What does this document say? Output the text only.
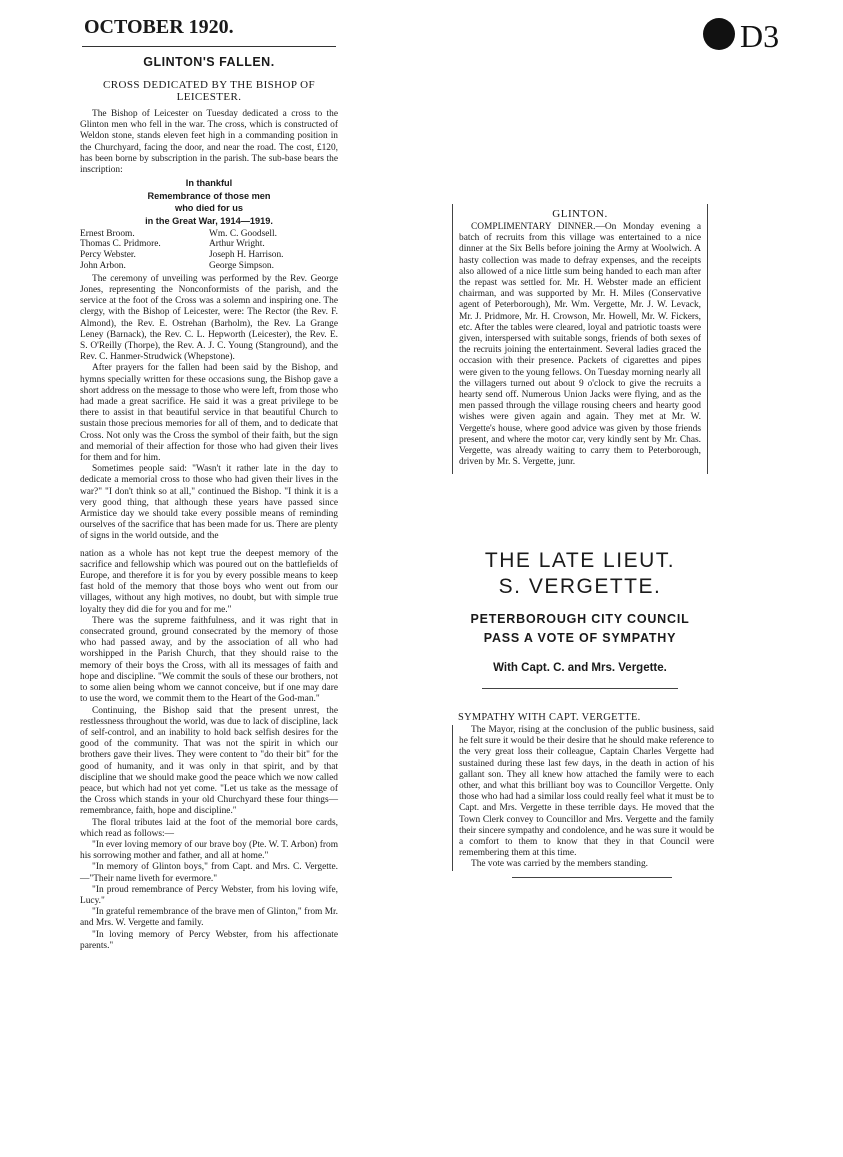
D3
OCTOBER 1920.
GLINTON'S FALLEN.
CROSS DEDICATED BY THE BISHOP OF LEICESTER.

The Bishop of Leicester on Tuesday dedicated a cross to the Glinton men who fell in the war. The cross, which is constructed of Weldon stone, stands eleven feet high in a commanding position in the Churchyard, facing the door, and near the road. The cost, £120, has been borne by subscription in the parish. The sub-base bears the inscription:

In thankful
Remembrance of those men
who died for us
in the Great War, 1914—1919.
Ernest Broom.	Wm. C. Goodsell.
Thomas C. Pridmore.	Arthur Wright.
Percy Webster.	Joseph H. Harrison.
John Arbon.	George Simpson.

The ceremony of unveiling was performed by the Rev. George Jones, representing the Nonconformists of the parish, and the service at the foot of the Cross was a solemn and inspiring one. The clergy, with the Bishop of Leicester, were: The Rector (the Rev. F. Almond), the Rev. E. Ostrehan (Barholm), the Rev. La Grange Leney (Barnack), the Rev. C. L. Hepworth (Leicester), the Rev. E. S. O'Reilly (Thorpe), the Rev. A. J. C. Young (Stanground), and the Rev. C. Hanmer-Strudwick (Whepstone).

After prayers for the fallen had been said by the Bishop, and hymns specially written for these occasions sung, the Bishop gave a short address on the message to those who were left, from those who had made a great sacrifice. He said it was a great privilege to be there to assist in that beautiful service in that beautiful Church to sustain those precious memories for all of them, and to dedicate that Cross. Not only was the Cross the symbol of their faith, but the sign and memorial of their affection for those who had given their lives for them and for him.

Sometimes people said: "Wasn't it rather late in the day to dedicate a memorial cross to those who had given their lives in the war?" "I don't think so at all," continued the Bishop. "I think it is a very good thing, that although these years have passed since Armistice day we should take every possible means of reminding ourselves of the sacrifice that has been made for us. There are plenty of signs in the world outside, and the

nation as a whole has not kept true the deepest memory of the sacrifice and fellowship which was poured out on the battlefields of Europe, and therefore it is for you by every possible means to keep fast hold of the memory that those boys who went out from our villages, without any high motives, no doubt, but with simple true loyalty they did die for you and for me."

There was the supreme faithfulness, and it was right that in consecrated ground, ground consecrated by the memory of those who had passed away, and by the association of all who had worshipped in the Parish Church, that they should raise to the memory of their boys the Cross, with all its messages of faith and hope and discipline. "We commit the souls of these our brothers, not to some alien being whom we cannot conceive, but if one may dare to use the word, we commit them to the Heart of the God-man."

Continuing, the Bishop said that the present unrest, the restlessness throughout the world, was due to lack of discipline, lack of self-control, and an inability to hold back selfish desires for the good of the community. That was not the spirit in which our brothers gave their lives. They were content to "do their bit" for the good of humanity, and it was only in that spirit, and by that discipline that we should make good the peace which we now called peace, but which had not yet come. "Let us take as the message of the Cross which stands in your old Churchyard these four things—remembrance, faith, hope and discipline."

The floral tributes laid at the foot of the memorial bore cards, which read as follows:—

"In ever loving memory of our brave boy (Pte. W. T. Arbon) from his sorrowing mother and father, and all at home."

"In memory of Glinton boys," from Capt. and Mrs. C. Vergette.—"Their name liveth for evermore."

"In proud remembrance of Percy Webster, from his loving wife, Lucy."

"In grateful remembrance of the brave men of Glinton," from Mr. and Mrs. W. Vergette and family.

"In loving memory of Percy Webster, from his affectionate parents."

GLINTON.

COMPLIMENTARY DINNER.—On Monday evening a batch of recruits from this village was entertained to a nice dinner at the Six Bells before joining the Army at Woolwich. A hasty collection was made to defray expenses, and the receipts also allowed of a nice little sum being handed to each man after the repast was settled for. Mr. H. Webster made an efficient chairman, and was supported by Mr. H. Miles (Conservative agent of Peterborough), Mr. Wm. Vergette, Mr. J. W. Levack, Mr. J. Pridmore, Mr. H. Crowson, Mr. Howell, Mr. W. Fickers, etc. After the tables were cleared, loyal and patriotic toasts were given, interspersed with suitable songs, friends of both sexes of the recruits joining the entertainment. Several ladies graced the occasion with their presence. Packets of cigarettes and pipes were given to the young fellows. On Tuesday morning nearly all the villagers turned out about 9 o'clock to give the recruits a hearty send off. Numerous Union Jacks were flying, and as the men passed through the village rousing cheers and hearty good wishes were given again and again. They met at Mr. W. Vergette's house, where good advice was given by those friends present, and where the motor car, very kindly sent by Mr. Chas. Vergette, was already waiting to carry them to Peterborough, driven by Mr. S. Vergette, junr.

THE LATE LIEUT.
S. VERGETTE.
PETERBOROUGH CITY COUNCIL
PASS A VOTE OF SYMPATHY
With Capt. C. and Mrs. Vergette.
SYMPATHY WITH CAPT. VERGETTE.

The Mayor, rising at the conclusion of the public business, said he felt sure it would be their desire that he should make reference to the very great loss their colleague, Captain Charles Vergette had sustained during these last few days, in the death in action of his gallant son. They all knew how attached the family were to each other, and what this brilliant boy was to Councillor Vergette. Only those who had had a similar loss could really feel what it must be to Capt. and Mrs. Vergette in these terrible days. He moved that the Town Clerk convey to Councillor and Mrs. Vergette and the family their sincere sympathy and condolence, and he was sure it would be a comfort to them to know that they in that Council were remembering them at this time.

The vote was carried by the members standing.
